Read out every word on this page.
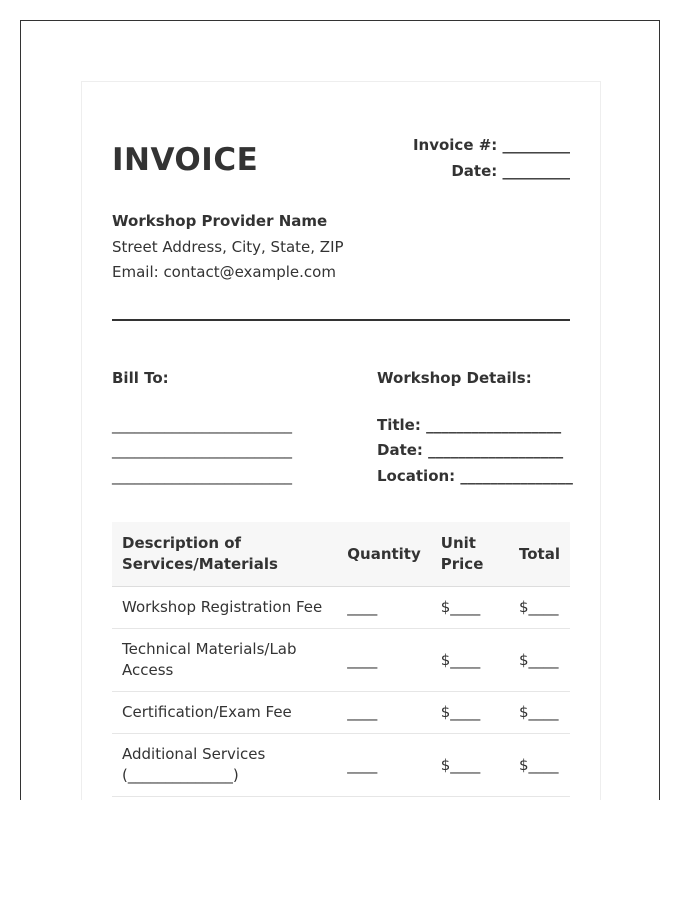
INVOICE	Invoice #: _________
Date: _________
Workshop Provider Name
Street Address, City, State, ZIP
Email: contact@example.com
Bill To:
________________________
________________________
________________________
Workshop Details:
Title: __________________
Date: __________________
Location: _______________
Description of Services/Materials	Quantity	Unit Price	Total
Workshop Registration Fee	____	$____	$____
Technical Materials/Lab Access	____	$____	$____
Certification/Exam Fee	____	$____	$____
Additional Services (______________)	____	$____	$____
